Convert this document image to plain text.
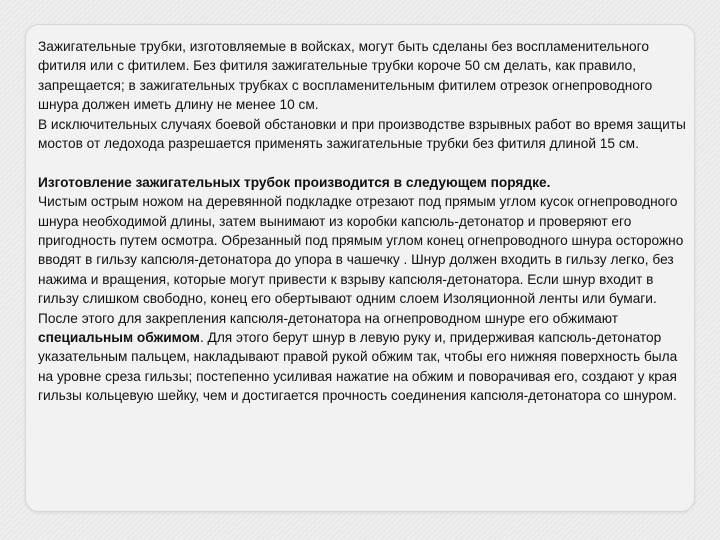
Зажигательные трубки, изготовляемые в войсках, могут быть сделаны без воспламенительного фитиля или с фитилем. Без фитиля зажигательные трубки короче 50 см делать, как правило, запрещается; в зажигательных трубках с воспламенительным фитилем отрезок огнепроводного шнура должен иметь длину не менее 10 см.

В исключительных случаях боевой обстановки и при производстве взрывных работ во время защиты мостов от ледохода разрешается применять зажигательные трубки без фитиля длиной 15 см.

Изготовление зажигательных трубок производится в следующем порядке.

Чистым острым ножом на деревянной подкладке отрезают под прямым углом кусок огнепроводного шнура необходимой длины, затем вынимают из коробки капсюль-детонатор и проверяют его пригодность путем осмотра. Обрезанный под прямым углом конец огнепроводного шнура осторожно вводят в гильзу капсюля-детонатора до упора в чашечку . Шнур должен входить в гильзу легко, без нажима и вращения, которые могут привести к взрыву капсюля-детонатора. Если шнур входит в гильзу слишком свободно, конец его обертывают одним слоем Изоляционной ленты или бумаги.

После этого для закрепления капсюля-детонатора на огнепроводном шнуре его обжимают специальным обжимом. Для этого берут шнур в левую руку и, придерживая капсюль-детонатор указательным пальцем, накладывают правой рукой обжим так, чтобы его нижняя поверхность была на уровне среза гильзы; постепенно усиливая нажатие на обжим и поворачивая его, создают у края гильзы кольцевую шейку, чем и достигается прочность соединения капсюля-детонатора со шнуром.
